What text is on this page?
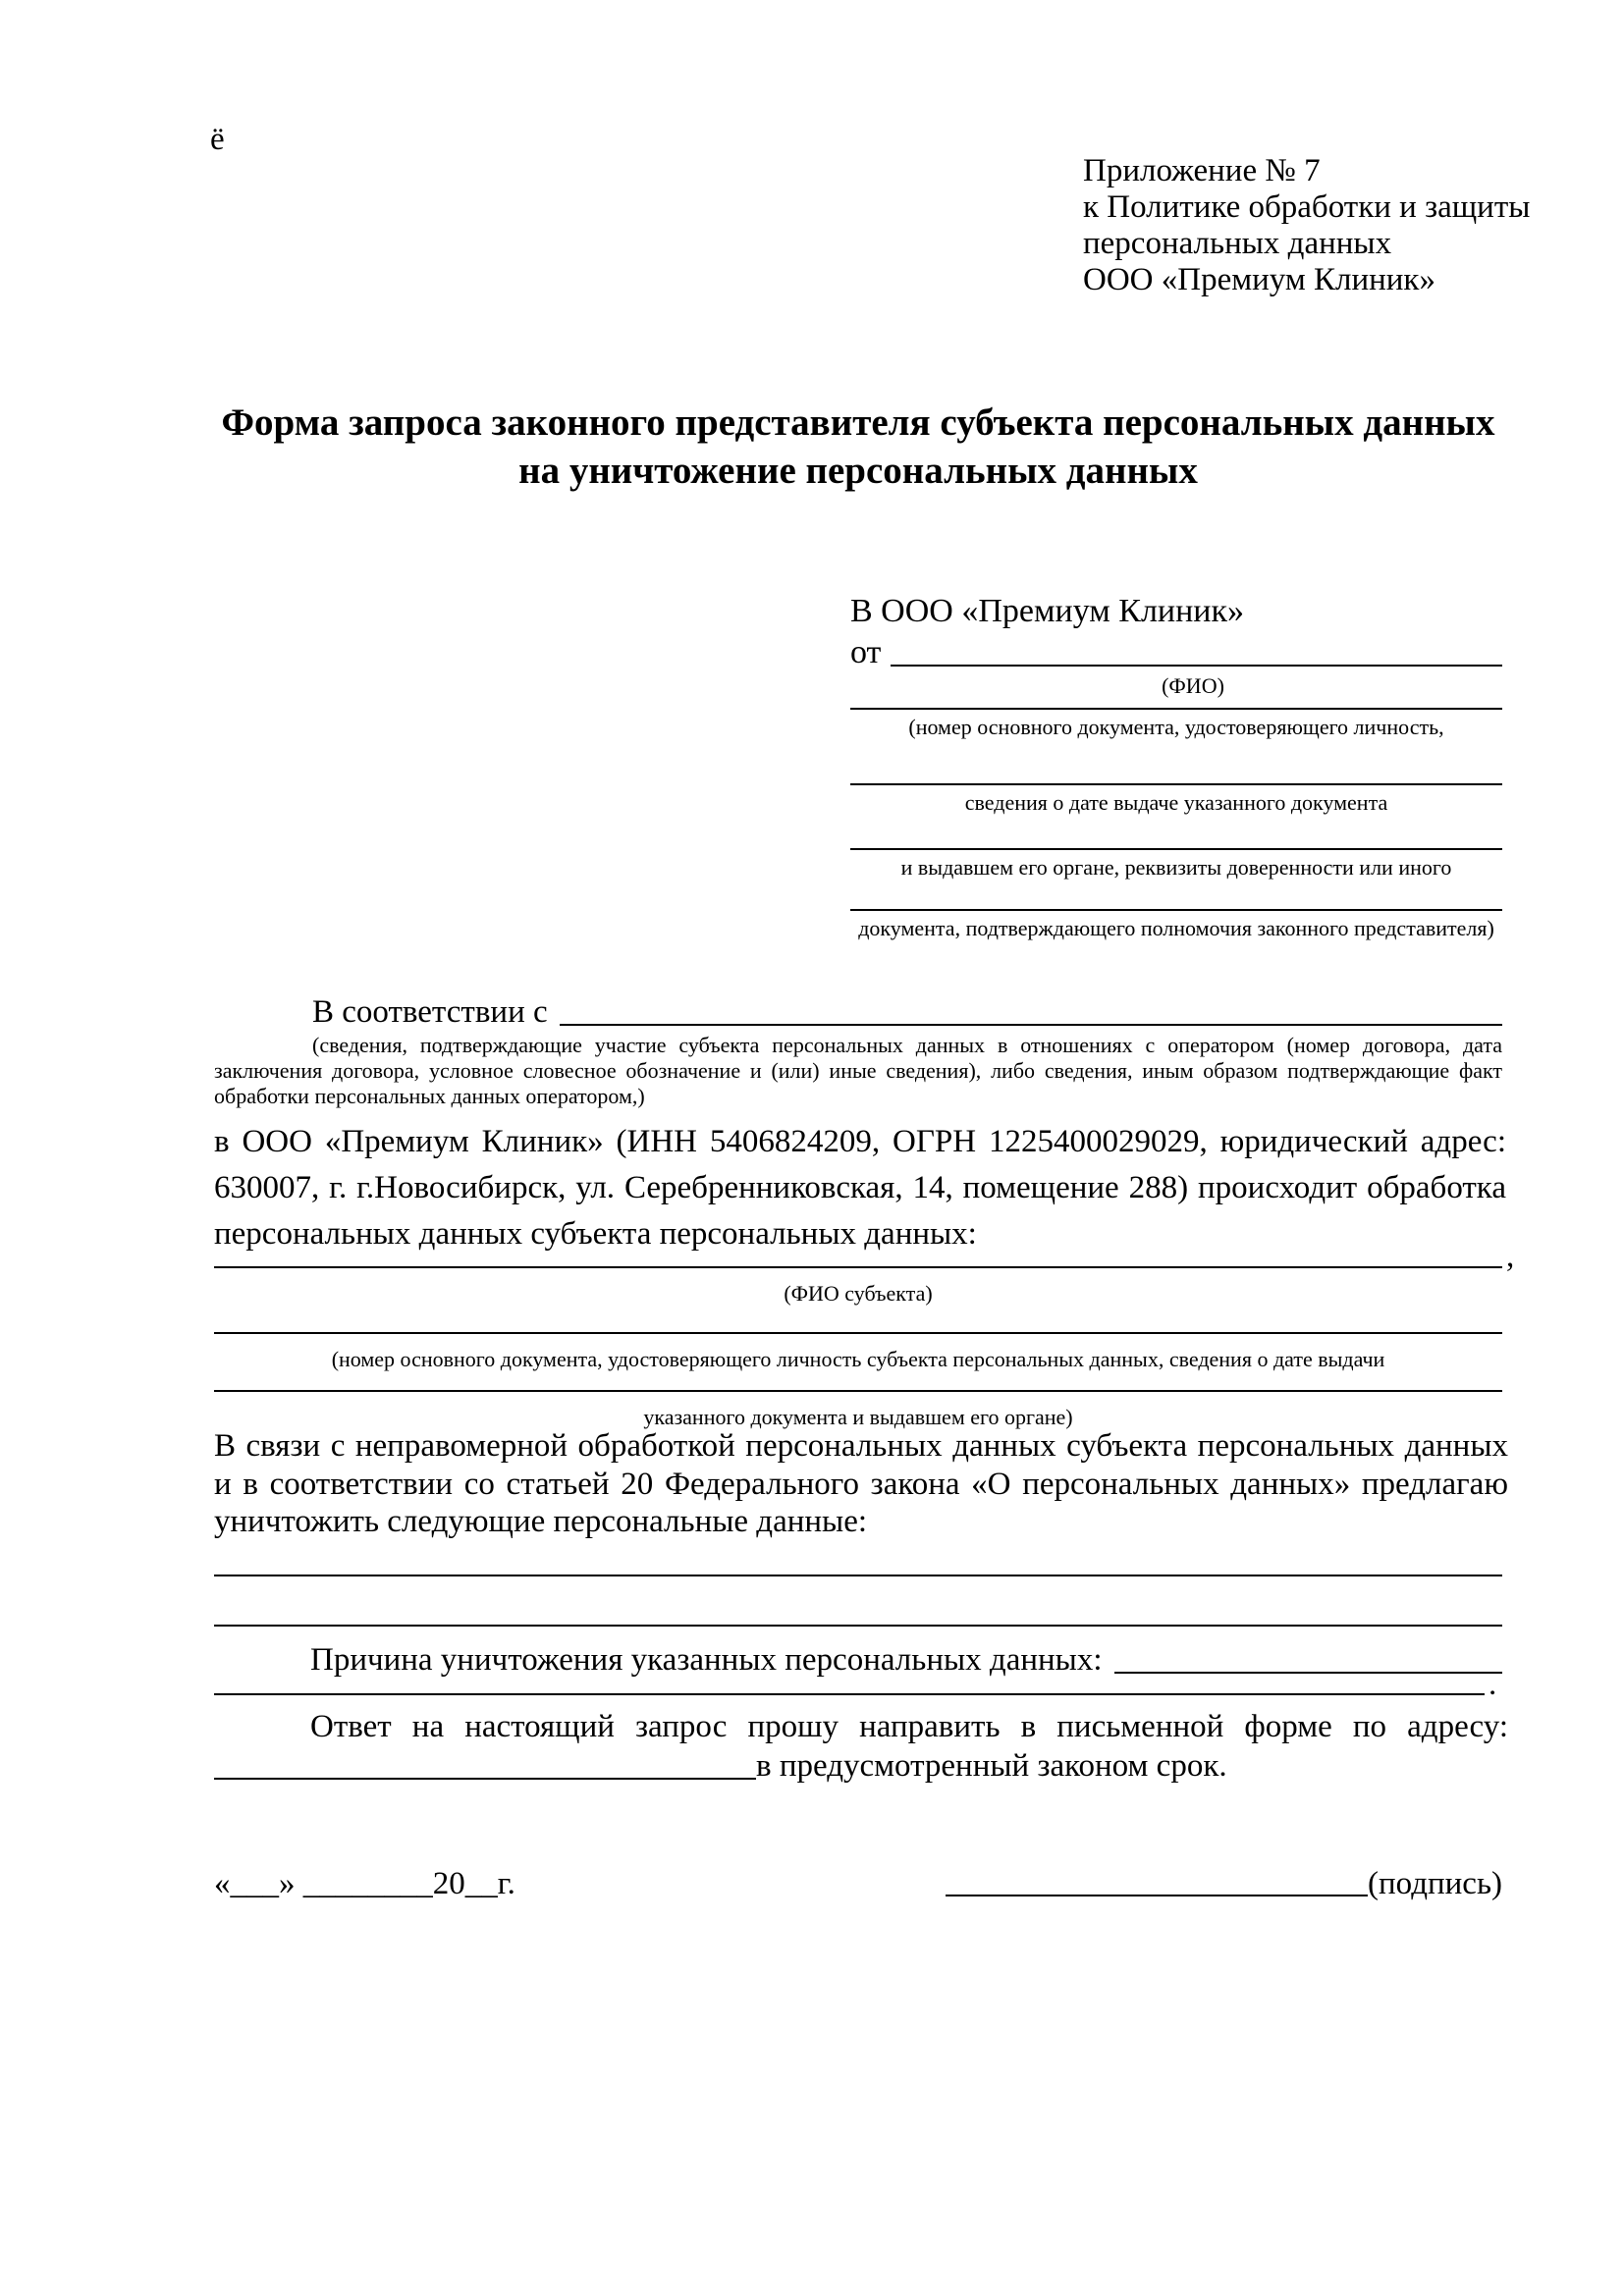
ё
Приложение № 7
к Политике обработки и защиты
персональных данных
ООО «Премиум Клиник»
Форма запроса законного представителя субъекта персональных данных на уничтожение персональных данных
В ООО «Премиум Клиник»
от
(ФИО)
(номер основного документа, удостоверяющего личность,
сведения о дате выдаче указанного документа
и выдавшем его органе, реквизиты доверенности или иного
документа, подтверждающего полномочия законного представителя)
В соответствии с
(сведения, подтверждающие участие субъекта персональных данных в отношениях с оператором (номер договора, дата заключения договора, условное словесное обозначение и (или) иные сведения), либо сведения, иным образом подтверждающие факт обработки персональных данных оператором,)
в ООО «Премиум Клиник» (ИНН 5406824209, ОГРН 1225400029029, юридический адрес: 630007, г. г.Новосибирск, ул. Серебренниковская, 14, помещение 288) происходит обработка персональных данных субъекта персональных данных:
,
(ФИО субъекта)
(номер основного документа, удостоверяющего личность субъекта персональных данных, сведения о дате выдачи
указанного документа и выдавшем его органе)
В связи с неправомерной обработкой персональных данных субъекта персональных данных и в соответствии со статьей 20 Федерального закона «О персональных данных» предлагаю уничтожить следующие персональные данные:
Причина уничтожения указанных персональных данных:
.
Ответ на настоящий запрос прошу направить в письменной форме по адресу:
в предусмотренный законом срок.
«___» ________20__г.	(подпись)
